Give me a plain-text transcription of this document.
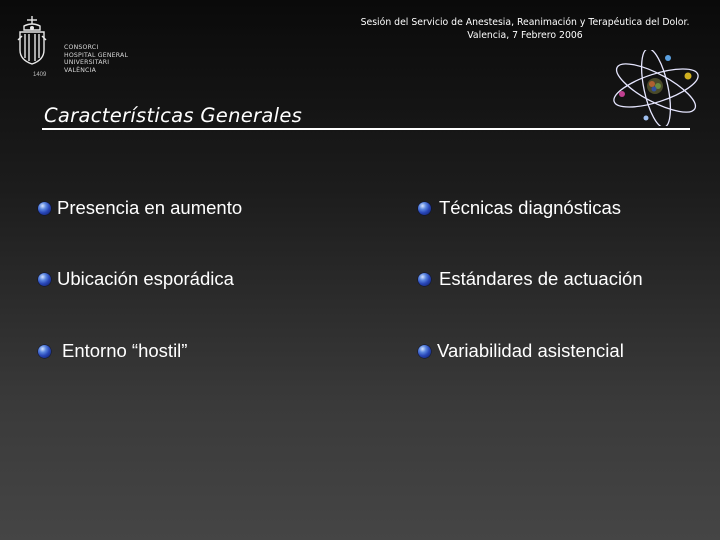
CONSORCI
HOSPITAL GENERAL
UNIVERSITARI
VALÈNCIA
1409
Sesión del Servicio de Anestesia, Reanimación y Terapéutica del Dolor.
Valencia, 7 Febrero 2006
Características Generales
Presencia en aumento
Ubicación esporádica
Entorno “hostil”
Técnicas diagnósticas
Estándares de actuación
Variabilidad asistencial
